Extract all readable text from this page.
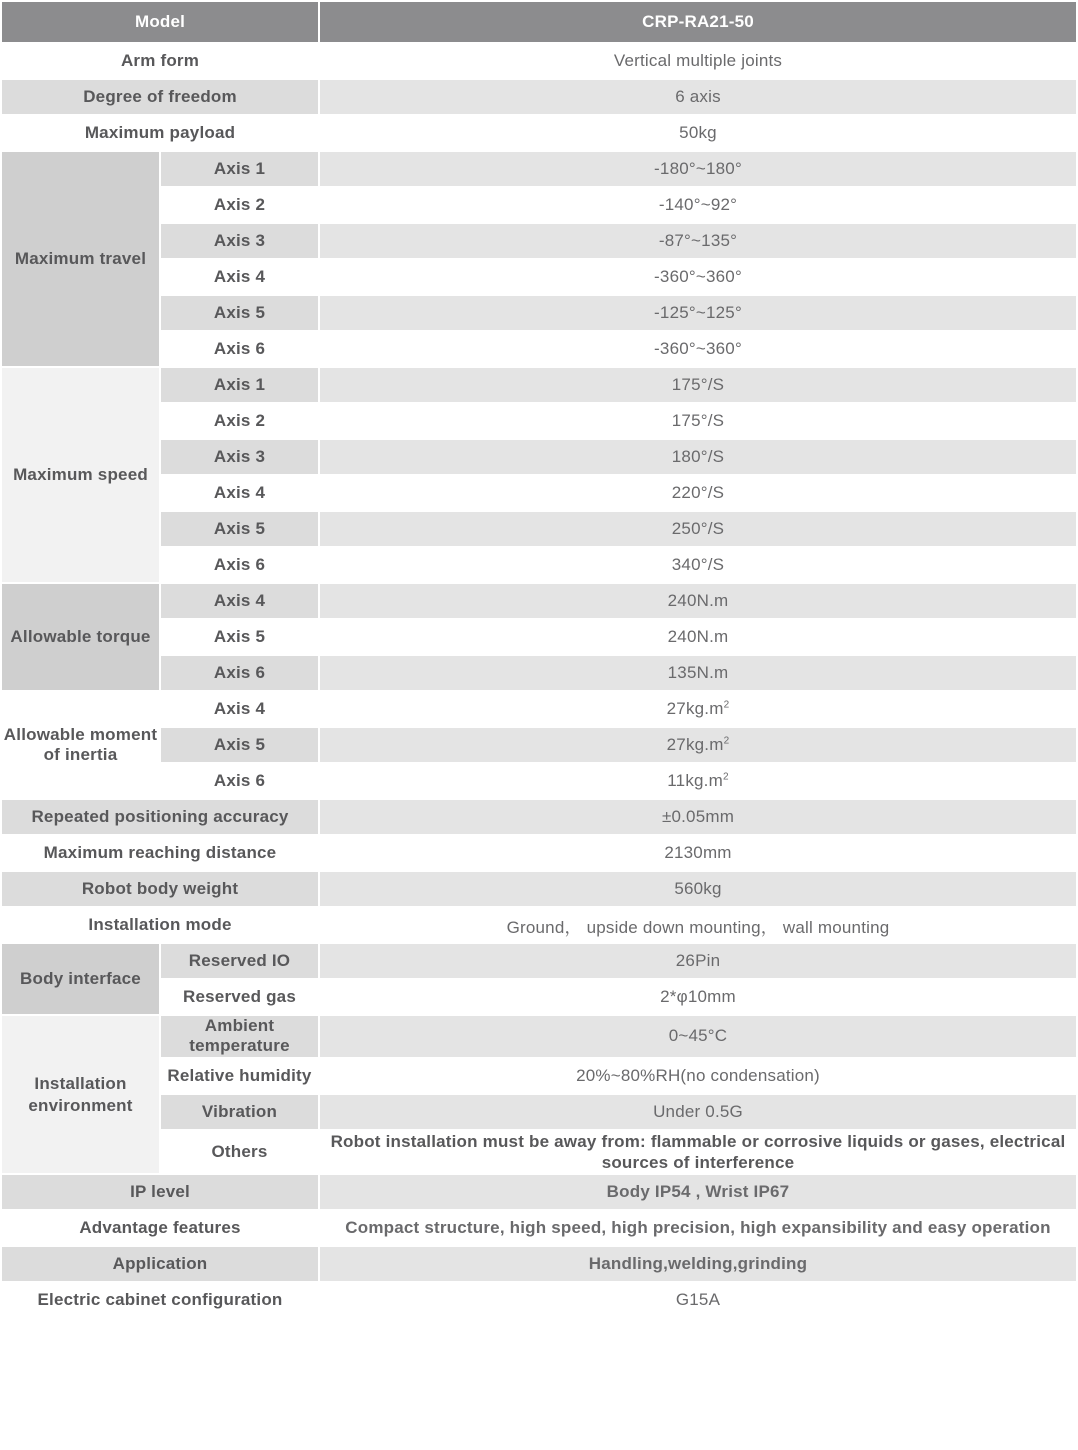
Model		CRP-RA21-50
Arm form		Vertical multiple joints
Degree of freedom		6 axis
Maximum payload		50kg
Maximum travel	Axis 1	-180°~180°
	Axis 2	-140°~92°
	Axis 3	-87°~135°
	Axis 4	-360°~360°
	Axis 5	-125°~125°
	Axis 6	-360°~360°
Maximum speed	Axis 1	175°/S
	Axis 2	175°/S
	Axis 3	180°/S
	Axis 4	220°/S
	Axis 5	250°/S
	Axis 6	340°/S
Allowable torque	Axis 4	240N.m
	Axis 5	240N.m
	Axis 6	135N.m
Allowable moment of inertia	Axis 4	$27kg.m^2$
	Axis 5	$27kg.m^2$
	Axis 6	$11kg.m^2$
Repeated positioning accuracy		±0.05mm
Maximum reaching distance		2130mm
Robot body weight		560kg
Installation mode		Ground， upside down mounting， wall mounting
Body interface	Reserved IO	26Pin
	Reserved gas	2*φ10mm
Installation environment	Ambient temperature	0~45°C
	Relative humidity	20%~80%RH(no condensation)
	Vibration	Under 0.5G
	Others	Robot installation must be away from: flammable or corrosive liquids or gases, electrical sources of interference
IP level		Body IP54 , Wrist IP67
Advantage features		Compact structure, high speed, high precision, high expansibility and easy operation
Application		Handling,welding,grinding
Electric cabinet configuration		G15A
